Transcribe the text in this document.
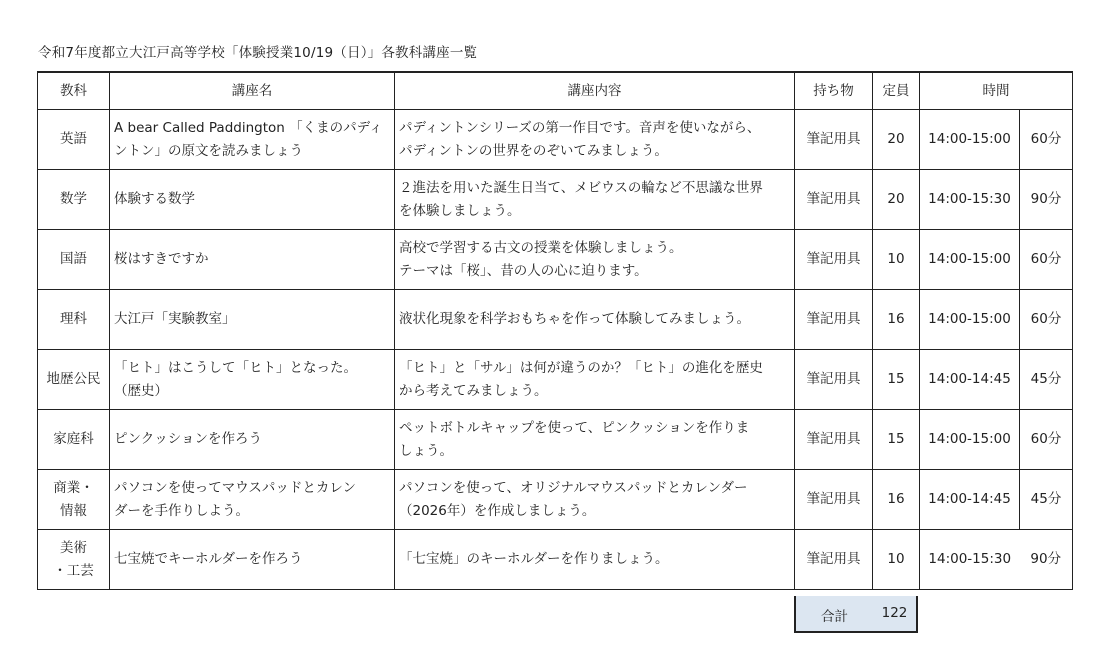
令和7年度都立大江戸高等学校「体験授業10/19（日）」各教科講座一覧
教科	講座名	講座内容	持ち物	定員	時間	
英語	A bear Called Paddington 「くまのパディ
ントン」の原文を読みましょう	パディントンシリーズの第一作目です。音声を使いながら、
パディントンの世界をのぞいてみましょう。	筆記用具	20	14:00-15:00	60分
数学	体験する数学	２進法を用いた誕生日当て、メビウスの輪など不思議な世界
を体験しましょう。	筆記用具	20	14:00-15:30	90分
国語	桜はすきですか	高校で学習する古文の授業を体験しましょう。
テーマは「桜」、昔の人の心に迫ります。	筆記用具	10	14:00-15:00	60分
理科	大江戸「実験教室」	液状化現象を科学おもちゃを作って体験してみましょう。	筆記用具	16	14:00-15:00	60分
地歴公民	「ヒト」はこうして「ヒト」となった。
（歴史）	「ヒト」と「サル」は何が違うのか？「ヒト」の進化を歴史
から考えてみましょう。	筆記用具	15	14:00-14:45	45分
家庭科	ピンクッションを作ろう	ペットボトルキャップを使って、ピンクッションを作りま
しょう。	筆記用具	15	14:00-15:00	60分
商業・
情報	パソコンを使ってマウスパッドとカレン
ダーを手作りしよう。	パソコンを使って、オリジナルマウスパッドとカレンダー
（2026年）を作成しましょう。	筆記用具	16	14:00-14:45	45分
美術
・工芸	七宝焼でキーホルダーを作ろう	「七宝焼」のキーホルダーを作りましょう。	筆記用具	10	14:00-15:30	90分
合計	122
